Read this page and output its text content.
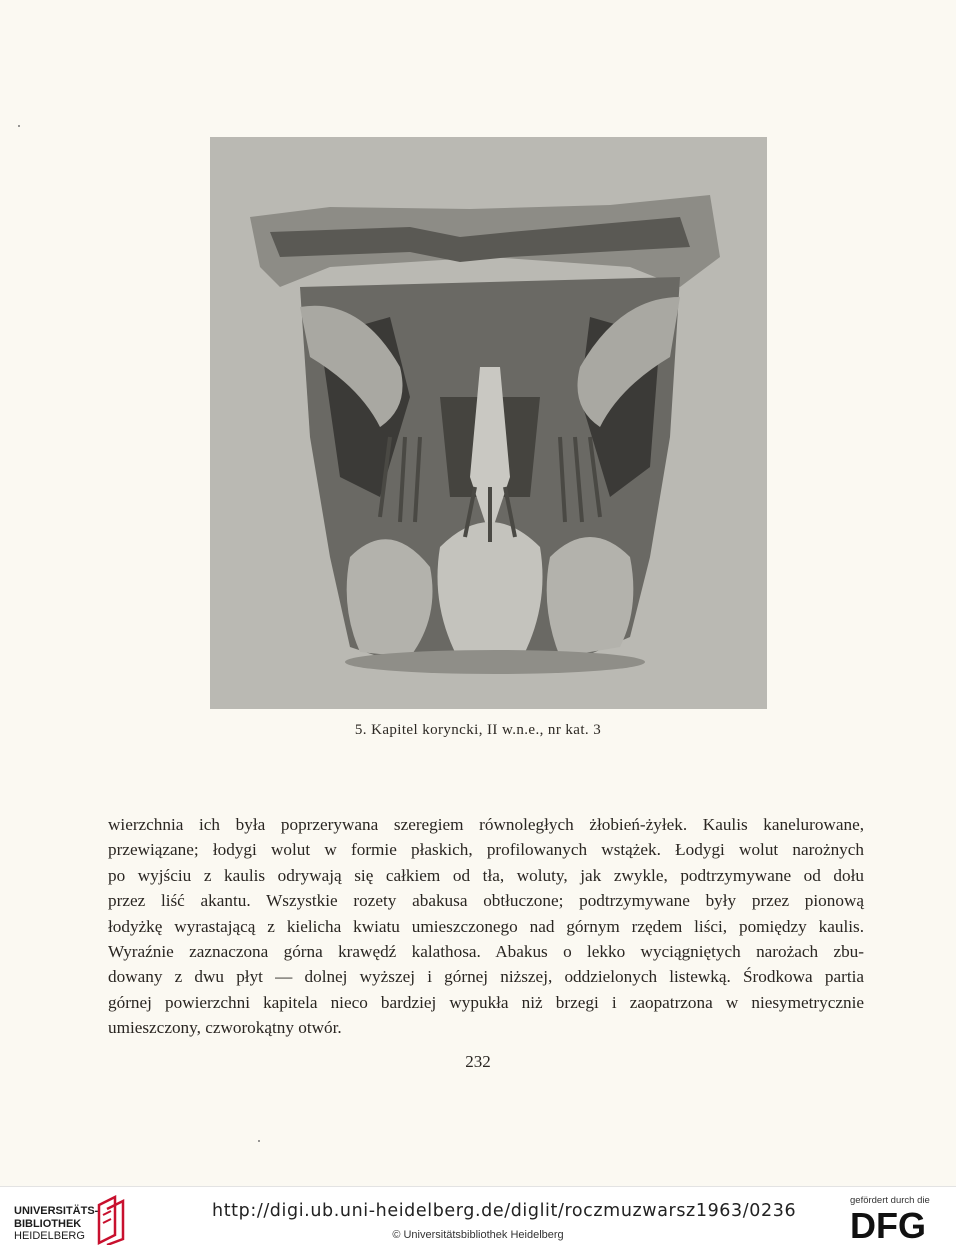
5. Kapitel koryncki, II w.n.e., nr kat. 3
wierzchnia ich była poprzerywana szeregiem równoległych żłobień-żyłek. Kaulis kanelurowane,
przewiązane; łodygi wolut w formie płaskich, profilowanych wstążek. Łodygi wolut narożnych
po wyjściu z kaulis odrywają się całkiem od tła, woluty, jak zwykle, podtrzymywane od dołu
przez liść akantu. Wszystkie rozety abakusa obtłuczone; podtrzymywane były przez pionową
łodyżkę wyrastającą z kielicha kwiatu umieszczonego nad górnym rzędem liści, pomiędzy kaulis.
Wyraźnie zaznaczona górna krawędź kalathosa. Abakus o lekko wyciągniętych narożach zbu-
dowany z dwu płyt — dolnej wyższej i górnej niższej, oddzielonych listewką. Środkowa partia
górnej powierzchni kapitela nieco bardziej wypukła niż brzegi i zaopatrzona w niesymetrycznie
umieszczony, czworokątny otwór.
232
UNIVERSITÄTS-
BIBLIOTHEK
HEIDELBERG
http://digi.ub.uni-heidelberg.de/diglit/roczmuzwarsz1963/0236
© Universitätsbibliothek Heidelberg
gefördert durch die
DFG
